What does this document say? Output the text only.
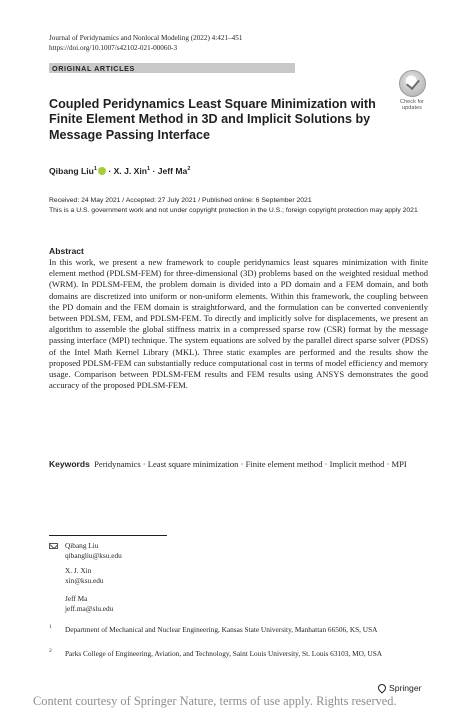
Journal of Peridynamics and Nonlocal Modeling (2022) 4:421–451
https://doi.org/10.1007/s42102-021-00060-3
ORIGINAL ARTICLES
Check for updates
Coupled Peridynamics Least Square Minimization with Finite Element Method in 3D and Implicit Solutions by Message Passing Interface
Qibang Liu$^1$ · X. J. Xin$^1$ · Jeff Ma$^2$
Received: 24 May 2021 / Accepted: 27 July 2021 / Published online: 6 September 2021
This is a U.S. government work and not under copyright protection in the U.S.; foreign copyright protection may apply 2021
Abstract
In this work, we present a new framework to couple peridynamics least squares minimization with finite element method (PDLSM-FEM) for three-dimensional (3D) problems based on the weighted residual method (WRM). In PDLSM-FEM, the problem domain is divided into a PD domain and a FEM domain, and both domains are discretized into uniform or non-uniform elements. Within this framework, the coupling between the PD domain and the FEM domain is straightforward, and the formulation can be converted conveniently between PDLSM, FEM, and PDLSM-FEM. To directly and implicitly solve for displacements, we present an algorithm to assemble the global stiffness matrix in a compressed sparse row (CSR) format by the message passing interface (MPI) technique. The system equations are solved by the parallel direct sparse solver (PDSS) of the Intel Math Kernel Library (MKL). Three static examples are performed and the results show the proposed PDLSM-FEM can substantially reduce computational cost in terms of model efficiency and memory usage. Comparison between PDLSM-FEM results and FEM results using ANSYS demonstrates the good accuracy of the proposed PDLSM-FEM.
Keywords Peridynamics · Least square minimization · Finite element method · Implicit method · MPI
Qibang Liu
qibangliu@ksu.edu
X. J. Xin
xin@ksu.edu
Jeff Ma
jeff.ma@slu.edu
1 Department of Mechanical and Nuclear Engineering, Kansas State University, Manhattan 66506, KS, USA
2 Parks College of Engineering, Aviation, and Technology, Saint Louis University, St. Louis 63103, MO, USA
Springer
Content courtesy of Springer Nature, terms of use apply. Rights reserved.
